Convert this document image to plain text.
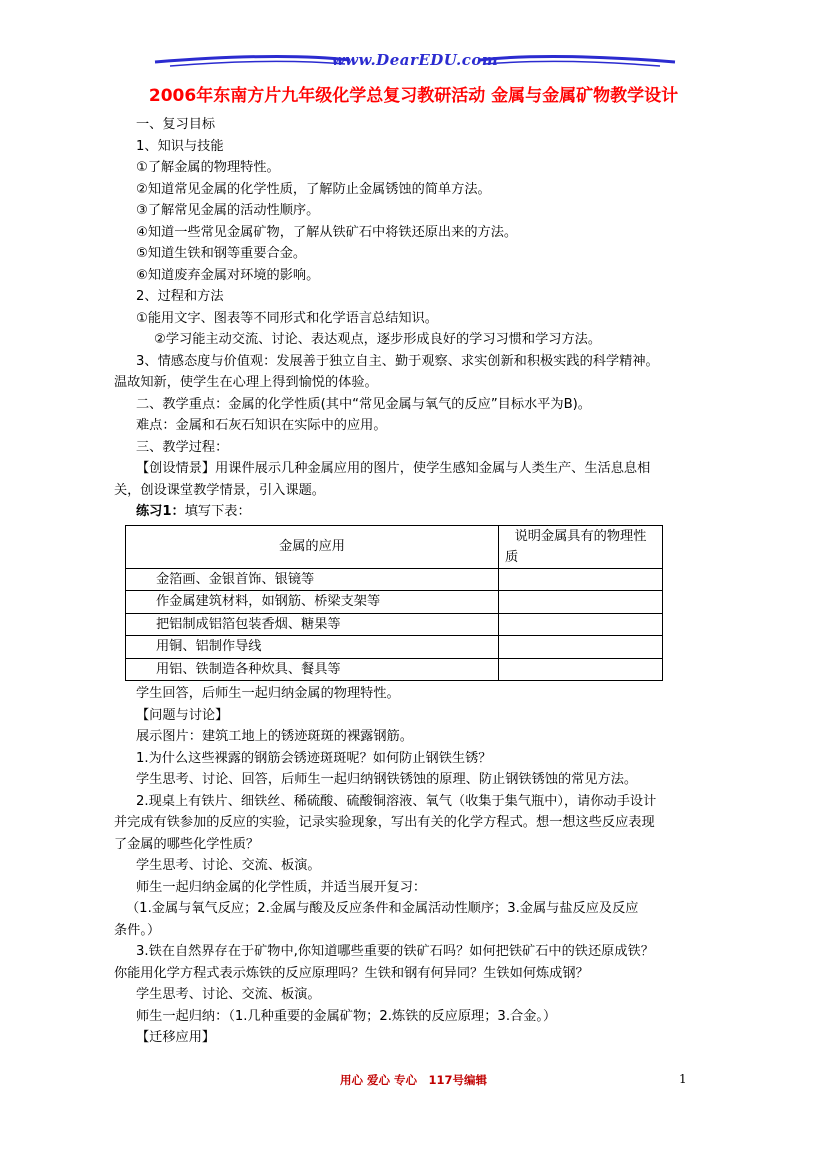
www.DearEDU.com
2006年东南方片九年级化学总复习教研活动 金属与金属矿物教学设计

一、复习目标

1、知识与技能

①了解金属的物理特性。

②知道常见金属的化学性质，了解防止金属锈蚀的简单方法。

③了解常见金属的活动性顺序。

④知道一些常见金属矿物，了解从铁矿石中将铁还原出来的方法。

⑤知道生铁和钢等重要合金。

⑥知道废弃金属对环境的影响。

2、过程和方法

①能用文字、图表等不同形式和化学语言总结知识。

②学习能主动交流、讨论、表达观点，逐步形成良好的学习习惯和学习方法。

3、情感态度与价值观：发展善于独立自主、勤于观察、求实创新和积极实践的科学精神。

温故知新，使学生在心理上得到愉悦的体验。

二、教学重点：金属的化学性质(其中“常见金属与氧气的反应”目标水平为B)。

难点：金属和石灰石知识在实际中的应用。

三、教学过程：

【创设情景】用课件展示几种金属应用的图片，使学生感知金属与人类生产、生活息息相

关，创设课堂教学情景，引入课题。

练习1：填写下表：

金属的应用	说明金属具有的物理性
质

金箔画、金银首饰、银镜等	
作金属建筑材料，如钢筋、桥梁支架等	
把铝制成铝箔包装香烟、糖果等	
用铜、铝制作导线	
用铝、铁制造各种炊具、餐具等	

学生回答，后师生一起归纳金属的物理特性。

【问题与讨论】

展示图片：建筑工地上的锈迹斑斑的裸露钢筋。

1.为什么这些裸露的钢筋会锈迹斑斑呢？如何防止钢铁生锈？

学生思考、讨论、回答，后师生一起归纳钢铁锈蚀的原理、防止钢铁锈蚀的常见方法。

2.现桌上有铁片、细铁丝、稀硫酸、硫酸铜溶液、氧气（收集于集气瓶中），请你动手设计

并完成有铁参加的反应的实验，记录实验现象，写出有关的化学方程式。想一想这些反应表现

了金属的哪些化学性质？

学生思考、讨论、交流、板演。

师生一起归纳金属的化学性质，并适当展开复习：

（1.金属与氧气反应；2.金属与酸及反应条件和金属活动性顺序；3.金属与盐反应及反应

条件。）

3.铁在自然界存在于矿物中,你知道哪些重要的铁矿石吗？如何把铁矿石中的铁还原成铁？

你能用化学方程式表示炼铁的反应原理吗？生铁和钢有何异同？生铁如何炼成钢？

学生思考、讨论、交流、板演。

师生一起归纳：（1.几种重要的金属矿物；2.炼铁的反应原理；3.合金。）

【迁移应用】

用心 爱心 专心　117号编辑	1
